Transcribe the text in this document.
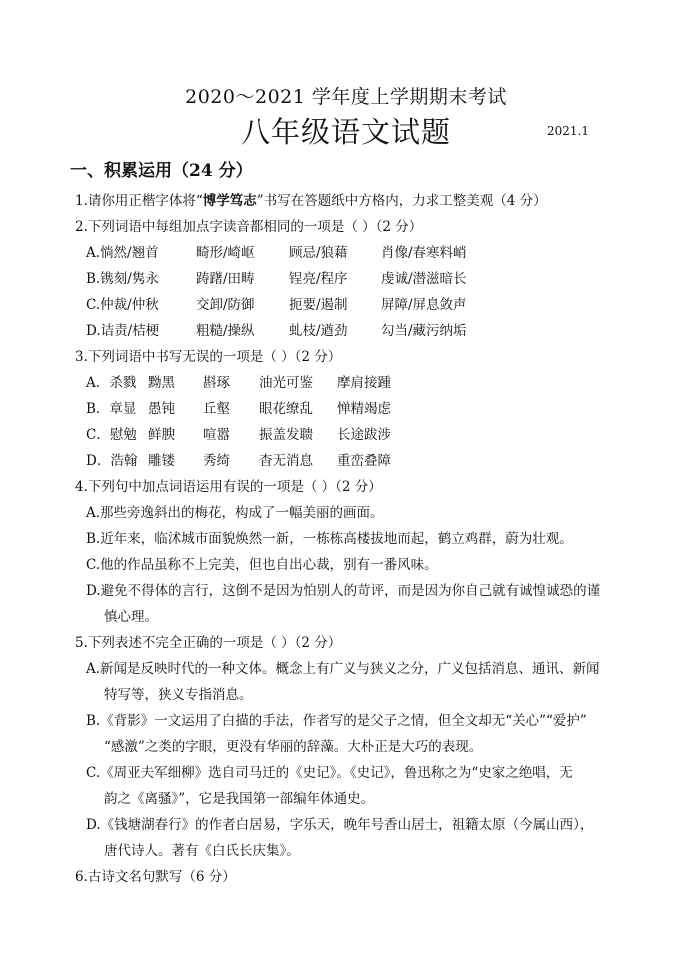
2020～2021 学年度上学期期末考试
八年级语文试题	2021.1
一、积累运用（24 分）
1.请你用正楷字体将“博学笃志”书写在答题纸中方格内，力求工整美观（4 分）
2.下列词语中每组加点字读音都相同的一项是（ ）（2 分）
A.惝然/翘首	畸形/崎岖	顾忌/狼藉	肖像/春寒料峭
B.镌刻/隽永	踌躇/田畴	锃亮/程序	虔诚/潜滋暗长
C.仲裁/仲秋	交卸/防御	扼要/遏制	屏障/屏息敛声
D.诘责/桔梗	粗糙/操纵	虬枝/遒劲	勾当/藏污纳垢
3.下列词语中书写无误的一项是（ ）（2 分）
A．杀戮 黝黑	斟琢	油光可鉴	摩肩接踵
B．章显 愚钝	丘壑	眼花缭乱	惮精竭虑
C．慰勉 鲜腴	喧嚣	振盖发聩	长途跋涉
D．浩翰 雕镂	秀绮	杳无消息	重峦叠障
4.下列句中加点词语运用有误的一项是（ ）（2 分）
A.那些旁逸斜出的梅花，构成了一幅美丽的画面。
B.近年来，临沭城市面貌焕然一新，一栋栋高楼拔地而起，鹤立鸡群，蔚为壮观。
C.他的作品虽称不上完美，但也自出心裁，别有一番风味。
D.避免不得体的言行，这倒不是因为怕别人的苛评，而是因为你自己就有诚惶诚恐的谨
慎心理。
5.下列表述不完全正确的一项是（ ）（2 分）
A.新闻是反映时代的一种文体。概念上有广义与狭义之分，广义包括消息、通讯、新闻
特写等，狭义专指消息。
B.《背影》一文运用了白描的手法，作者写的是父子之情，但全文却无“关心”“爱护”
“感激”之类的字眼，更没有华丽的辞藻。大朴正是大巧的表现。
C.《周亚夫军细柳》选自司马迁的《史记》。《史记》，鲁迅称之为“史家之绝唱，无
韵之《离骚》”，它是我国第一部编年体通史。
D.《钱塘湖春行》的作者白居易，字乐天，晚年号香山居士，祖籍太原（今属山西），
唐代诗人。著有《白氏长庆集》。
6.古诗文名句默写（6 分）
